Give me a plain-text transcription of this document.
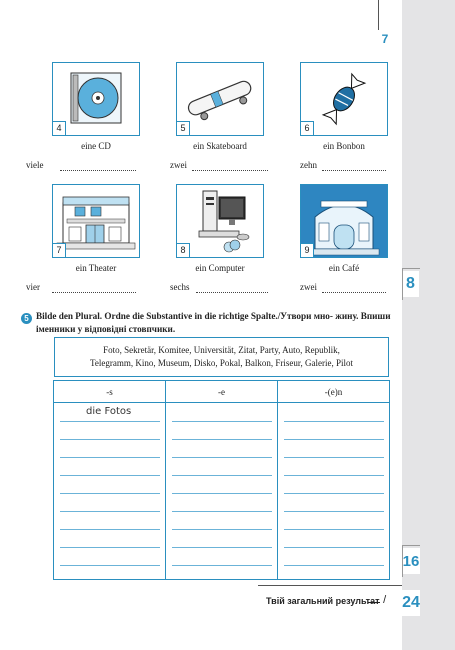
7
8
16
24
4	5	6
7	8	9
eine CD	ein Skateboard	ein Bonbon
viele	zwei	zehn
ein Theater	ein Computer	ein Café
vier	sechs	zwei
5 Bilde den Plural. Ordne die Substantive in die richtige Spalte./Утвори мно- жину. Впиши іменники у відповідні стовпчики.
Foto, Sekretär, Komitee, Universität, Zitat, Party, Auto, Republik,
Telegramm, Kino, Museum, Disko, Pokal, Balkon, Friseur, Galerie, Pilot
-s	-e	-(e)n
die Fotos
Твій загальний результат /
